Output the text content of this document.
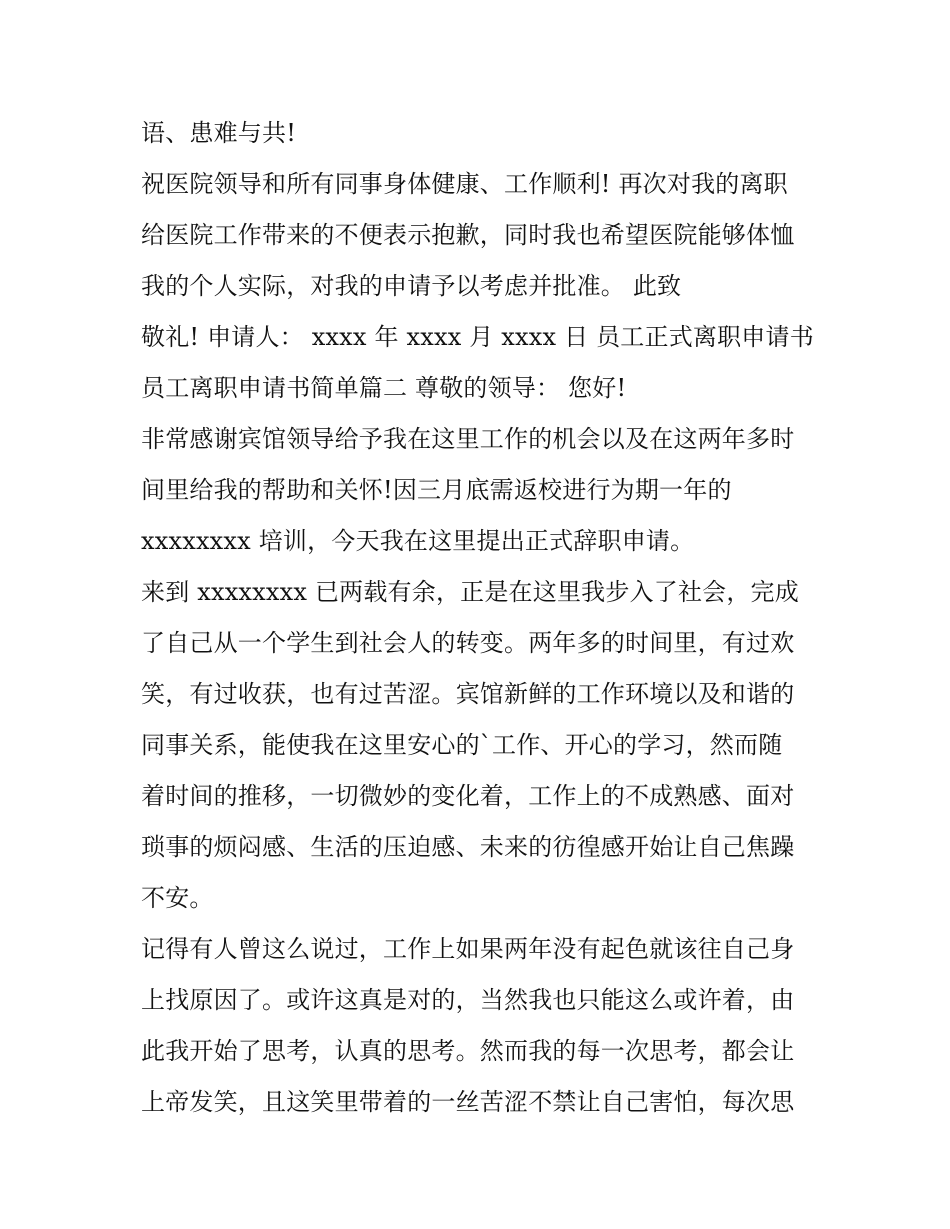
语、患难与共!
祝医院领导和所有同事身体健康、工作顺利! 再次对我的离职
给医院工作带来的不便表示抱歉，同时我也希望医院能够体恤
我的个人实际，对我的申请予以考虑并批准。 此致
敬礼! 申请人： xxxx 年 xxxx 月 xxxx 日 员工正式离职申请书
员工离职申请书简单篇二 尊敬的领导： 您好!
非常感谢宾馆领导给予我在这里工作的机会以及在这两年多时
间里给我的帮助和关怀!因三月底需返校进行为期一年的
xxxxxxxx 培训，今天我在这里提出正式辞职申请。
来到 xxxxxxxx 已两载有余，正是在这里我步入了社会，完成
了自己从一个学生到社会人的转变。两年多的时间里，有过欢
笑，有过收获，也有过苦涩。宾馆新鲜的工作环境以及和谐的
同事关系，能使我在这里安心的`工作、开心的学习，然而随
着时间的推移，一切微妙的变化着，工作上的不成熟感、面对
琐事的烦闷感、生活的压迫感、未来的彷徨感开始让自己焦躁
不安。
记得有人曾这么说过，工作上如果两年没有起色就该往自己身
上找原因了。或许这真是对的，当然我也只能这么或许着，由
此我开始了思考，认真的思考。然而我的每一次思考，都会让
上帝发笑，且这笑里带着的一丝苦涩不禁让自己害怕，每次思
